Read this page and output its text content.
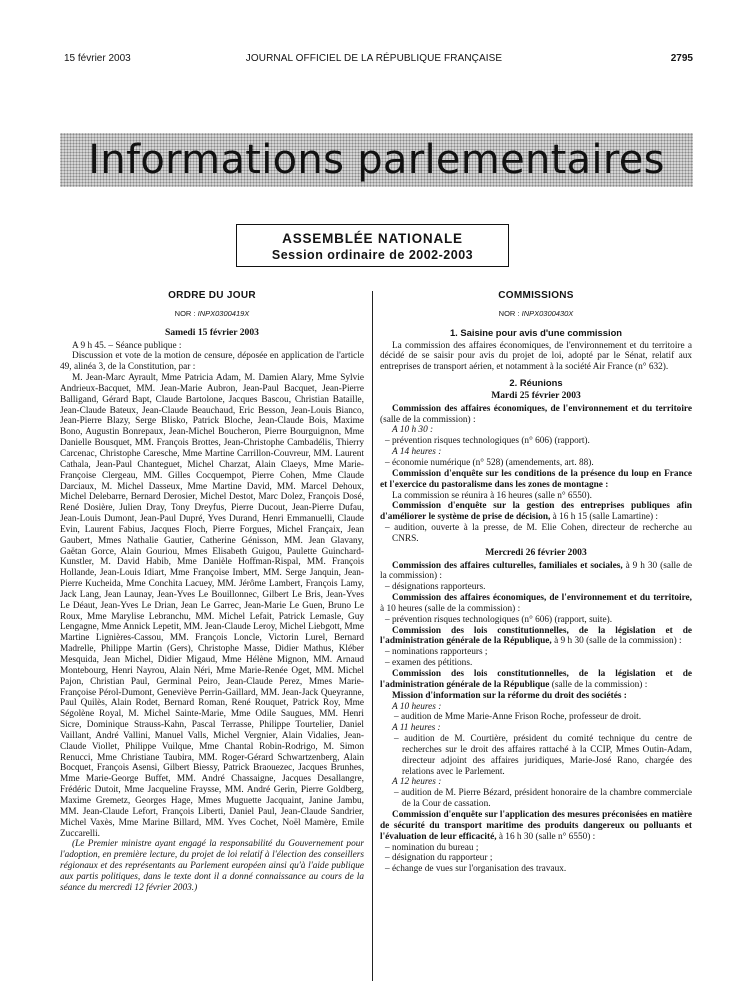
15 février 2003	JOURNAL OFFICIEL DE LA RÉPUBLIQUE FRANÇAISE	2795
Informations parlementaires
ASSEMBLÉE NATIONALE
Session ordinaire de 2002-2003
ORDRE DU JOUR
NOR : INPX0300419X
Samedi 15 février 2003

A 9 h 45. – Séance publique :

Discussion et vote de la motion de censure, déposée en application de l'article 49, alinéa 3, de la Constitution, par :

M. Jean-Marc Ayrault, Mme Patricia Adam, M. Damien Alary, Mme Sylvie Andrieux-Bacquet, MM. Jean-Marie Aubron, Jean-Paul Bacquet, Jean-Pierre Balligand, Gérard Bapt, Claude Bartolone, Jacques Bascou, Christian Bataille, Jean-Claude Bateux, Jean-Claude Beauchaud, Eric Besson, Jean-Louis Bianco, Jean-Pierre Blazy, Serge Blisko, Patrick Bloche, Jean-Claude Bois, Maxime Bono, Augustin Bonrepaux, Jean-Michel Boucheron, Pierre Bourguignon, Mme Danielle Bousquet, MM. François Brottes, Jean-Christophe Cambadélis, Thierry Carcenac, Christophe Caresche, Mme Martine Carrillon-Couvreur, MM. Laurent Cathala, Jean-Paul Chanteguet, Michel Charzat, Alain Claeys, Mme Marie-Françoise Clergeau, MM. Gilles Cocquempot, Pierre Cohen, Mme Claude Darciaux, M. Michel Dasseux, Mme Martine David, MM. Marcel Dehoux, Michel Delebarre, Bernard Derosier, Michel Destot, Marc Dolez, François Dosé, René Dosière, Julien Dray, Tony Dreyfus, Pierre Ducout, Jean-Pierre Dufau, Jean-Louis Dumont, Jean-Paul Dupré, Yves Durand, Henri Emmanuelli, Claude Evin, Laurent Fabius, Jacques Floch, Pierre Forgues, Michel Françaix, Jean Gaubert, Mmes Nathalie Gautier, Catherine Génisson, MM. Jean Glavany, Gaëtan Gorce, Alain Gouriou, Mmes Elisabeth Guigou, Paulette Guinchard-Kunstler, M. David Habib, Mme Danièle Hoffman-Rispal, MM. François Hollande, Jean-Louis Idiart, Mme Françoise Imbert, MM. Serge Janquin, Jean-Pierre Kucheida, Mme Conchita Lacuey, MM. Jérôme Lambert, François Lamy, Jack Lang, Jean Launay, Jean-Yves Le Bouillonnec, Gilbert Le Bris, Jean-Yves Le Déaut, Jean-Yves Le Drian, Jean Le Garrec, Jean-Marie Le Guen, Bruno Le Roux, Mme Marylise Lebranchu, MM. Michel Lefait, Patrick Lemasle, Guy Lengagne, Mme Annick Lepetit, MM. Jean-Claude Leroy, Michel Liebgott, Mme Martine Lignières-Cassou, MM. François Loncle, Victorin Lurel, Bernard Madrelle, Philippe Martin (Gers), Christophe Masse, Didier Mathus, Kléber Mesquida, Jean Michel, Didier Migaud, Mme Hélène Mignon, MM. Arnaud Montebourg, Henri Nayrou, Alain Néri, Mme Marie-Renée Oget, MM. Michel Pajon, Christian Paul, Germinal Peiro, Jean-Claude Perez, Mmes Marie-Françoise Pérol-Dumont, Geneviève Perrin-Gaillard, MM. Jean-Jack Queyranne, Paul Quilès, Alain Rodet, Bernard Roman, René Rouquet, Patrick Roy, Mme Ségolène Royal, M. Michel Sainte-Marie, Mme Odile Saugues, MM. Henri Sicre, Dominique Strauss-Kahn, Pascal Terrasse, Philippe Tourtelier, Daniel Vaillant, André Vallini, Manuel Valls, Michel Vergnier, Alain Vidalies, Jean-Claude Viollet, Philippe Vuilque, Mme Chantal Robin-Rodrigo, M. Simon Renucci, Mme Christiane Taubira, MM. Roger-Gérard Schwartzenberg, Alain Bocquet, François Asensi, Gilbert Biessy, Patrick Braouezec, Jacques Brunhes, Mme Marie-George Buffet, MM. André Chassaigne, Jacques Desallangre, Frédéric Dutoit, Mme Jacqueline Fraysse, MM. André Gerin, Pierre Goldberg, Maxime Gremetz, Georges Hage, Mmes Muguette Jacquaint, Janine Jambu, MM. Jean-Claude Lefort, François Liberti, Daniel Paul, Jean-Claude Sandrier, Michel Vaxès, Mme Marine Billard, MM. Yves Cochet, Noël Mamère, Emile Zuccarelli.

(Le Premier ministre ayant engagé la responsabilité du Gouvernement pour l'adoption, en première lecture, du projet de loi relatif à l'élection des conseillers régionaux et des représentants au Parlement européen ainsi qu'à l'aide publique aux partis politiques, dans le texte dont il a donné connaissance au cours de la séance du mercredi 12 février 2003.)

COMMISSIONS
NOR : INPX0300430X
1. Saisine pour avis d'une commission

La commission des affaires économiques, de l'environnement et du territoire a décidé de se saisir pour avis du projet de loi, adopté par le Sénat, relatif aux entreprises de transport aérien, et notamment à la société Air France (n° 632).

2. Réunions
Mardi 25 février 2003

Commission des affaires économiques, de l'environnement et du territoire (salle de la commission) :

A 10 h 30 :

– prévention risques technologiques (n° 606) (rapport).

A 14 heures :

– économie numérique (n° 528) (amendements, art. 88).

Commission d'enquête sur les conditions de la présence du loup en France et l'exercice du pastoralisme dans les zones de montagne :

La commission se réunira à 16 heures (salle n° 6550).

Commission d'enquête sur la gestion des entreprises publiques afin d'améliorer le système de prise de décision, à 16 h 15 (salle Lamartine) :

– audition, ouverte à la presse, de M. Elie Cohen, directeur de recherche au CNRS.

Mercredi 26 février 2003

Commission des affaires culturelles, familiales et sociales, à 9 h 30 (salle de la commission) :

– désignations rapporteurs.

Commission des affaires économiques, de l'environnement et du territoire, à 10 heures (salle de la commission) :

– prévention risques technologiques (n° 606) (rapport, suite).

Commission des lois constitutionnelles, de la législation et de l'administration générale de la République, à 9 h 30 (salle de la commission) :

– nominations rapporteurs ;

– examen des pétitions.

Commission des lois constitutionnelles, de la législation et de l'administration générale de la République (salle de la commission) :

Mission d'information sur la réforme du droit des sociétés :

A 10 heures :

– audition de Mme Marie-Anne Frison Roche, professeur de droit.

A 11 heures :

– audition de M. Courtière, président du comité technique du centre de recherches sur le droit des affaires rattaché à la CCIP, Mmes Outin-Adam, directeur adjoint des affaires juridiques, Marie-José Rano, chargée des relations avec le Parlement.

A 12 heures :

– audition de M. Pierre Bézard, président honoraire de la chambre commerciale de la Cour de cassation.

Commission d'enquête sur l'application des mesures préconisées en matière de sécurité du transport maritime des produits dangereux ou polluants et l'évaluation de leur efficacité, à 16 h 30 (salle n° 6550) :

– nomination du bureau ;

– désignation du rapporteur ;

– échange de vues sur l'organisation des travaux.
